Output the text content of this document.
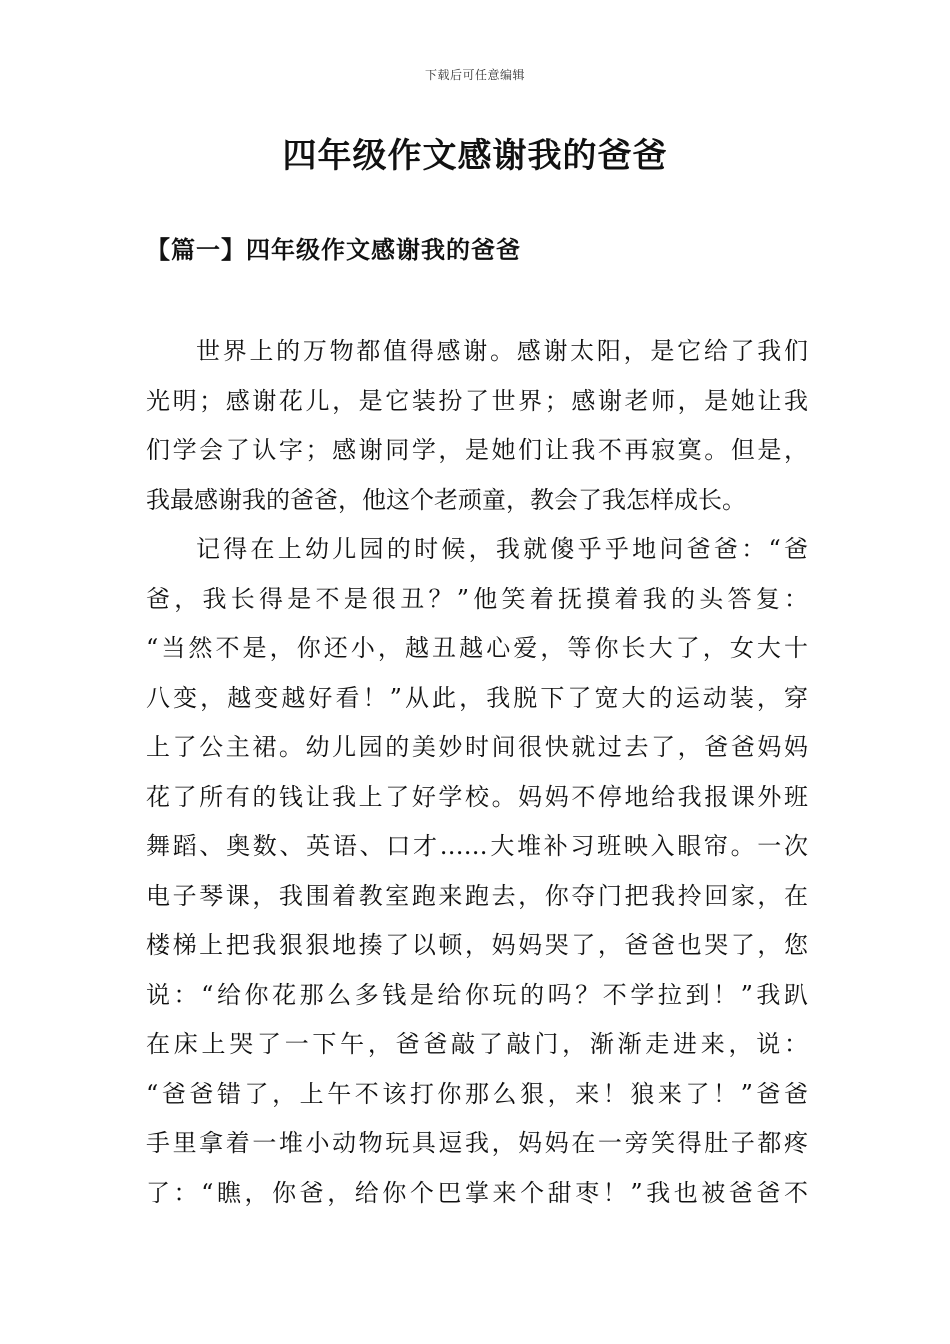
下载后可任意编辑
四年级作文感谢我的爸爸
【篇一】四年级作文感谢我的爸爸
世界上的万物都值得感谢。感谢太阳，是它给了我们
光明；感谢花儿，是它装扮了世界；感谢老师，是她让我
们学会了认字；感谢同学，是她们让我不再寂寞。但是，
我最感谢我的爸爸，他这个老顽童，教会了我怎样成长。
记得在上幼儿园的时候，我就傻乎乎地问爸爸：“爸
爸，我长得是不是很丑？”他笑着抚摸着我的头答复：
“当然不是，你还小，越丑越心爱，等你长大了，女大十
八变，越变越好看！”从此，我脱下了宽大的运动装，穿
上了公主裙。幼儿园的美妙时间很快就过去了，爸爸妈妈
花了所有的钱让我上了好学校。妈妈不停地给我报课外班
舞蹈、奥数、英语、口才……大堆补习班映入眼帘。一次
电子琴课，我围着教室跑来跑去，你夺门把我拎回家，在
楼梯上把我狠狠地揍了以顿，妈妈哭了，爸爸也哭了，您
说：“给你花那么多钱是给你玩的吗？不学拉到！”我趴
在床上哭了一下午，爸爸敲了敲门，渐渐走进来，说：
“爸爸错了，上午不该打你那么狠，来！狼来了！”爸爸
手里拿着一堆小动物玩具逗我，妈妈在一旁笑得肚子都疼
了：“瞧，你爸，给你个巴掌来个甜枣！”我也被爸爸不
